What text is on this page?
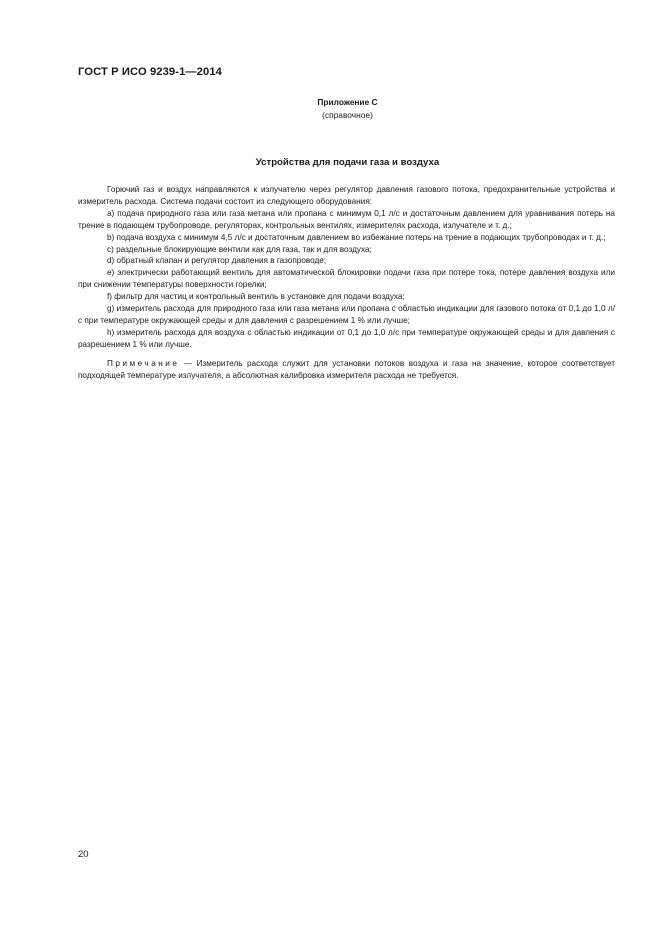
ГОСТ Р ИСО 9239-1—2014
Приложение С
(справочное)
Устройства для подачи газа и воздуха

Горючий газ и воздух направляются к излучателю через регулятор давления газового потока, предохранительные устройства и измеритель расхода. Система подачи состоит из следующего оборудования:

а) подача природного газа или газа метана или пропана с минимум 0,1 л/с и достаточным давлением для уравнивания потерь на трение в подающем трубопроводе, регуляторах, контрольных вентилях, измерителях расхода, излучателе и т. д.;

b) подача воздуха с минимум 4,5 л/с и достаточным давлением во избежание потерь на трение в подающих трубопроводах и т. д.;

c) раздельные блокирующие вентили как для газа, так и для воздуха;

d) обратный клапан и регулятор давления в газопроводе;

e) электрически работающий вентиль для автоматической блокировки подачи газа при потере тока, потере давления воздуха или при снижении температуры поверхности горелки;

f) фильтр для частиц и контрольный вентиль в установке для подачи воздуха;

g) измеритель расхода для природного газа или газа метана или пропана с областью индикации для газового потока от 0,1 до 1,0 л/с при температуре окружающей среды и для давления с разрешением 1 % или лучше;

h) измеритель расхода для воздуха с областью индикации от 0,1 до 1,0 л/с при температуре окружающей среды и для давления с разрешением 1 % или лучше.

Примечание — Измеритель расхода служит для установки потоков воздуха и газа на значение, которое соответствует подходящей температуре излучателя, а абсолютная калибровка измерителя расхода не требуется.

20
